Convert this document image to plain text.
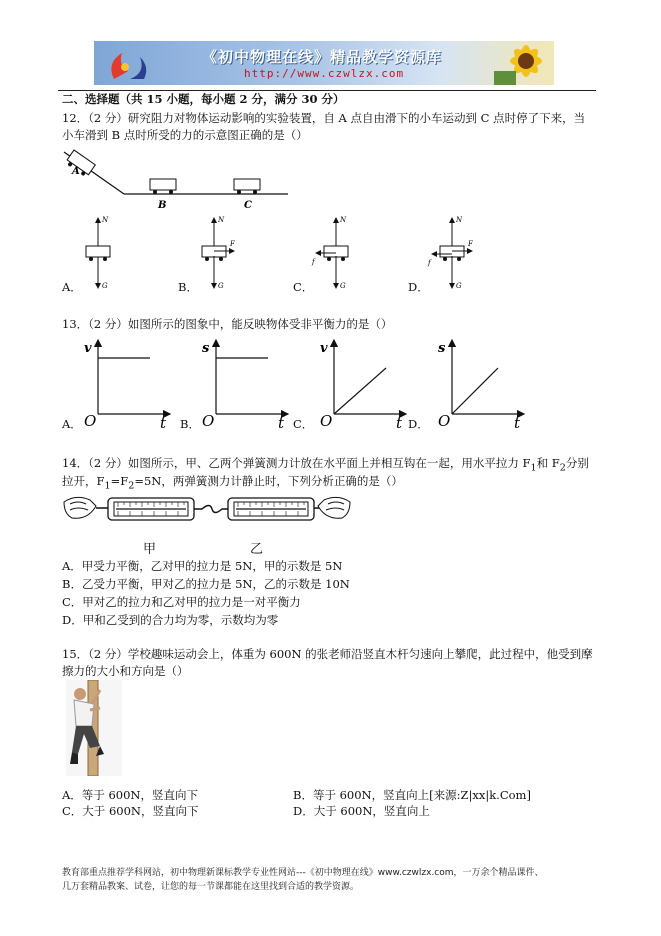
《初中物理在线》精品教学资源库
http://www.czwlzx.com
二、选择题（共 15 小题，每小题 2 分，满分 30 分）
12．（2 分）研究阻力对物体运动影响的实验装置，自 A 点自由滑下的小车运动到 C 点时停了下来，当
小车滑到 B 点时所受的力的示意图正确的是（）
A
B	C
N
G
N
F
G
N
f
G
N
F
f
G
A．	B．	C．	D．
13．（2 分）如图所示的图象中，能反映物体受非平衡力的是（）
v
O	t
s
O	t
v
O	t
s
O	t
A．	B．	C．	D．
14．（2 分）如图所示，甲、乙两个弹簧测力计放在水平面上并相互钩在一起，用水平拉力 $F_1$和 $F_2$分别
拉开，$F_1=F_2=5N$，两弹簧测力计静止时，下列分析正确的是（）
甲	乙
A．甲受力平衡，乙对甲的拉力是 5N，甲的示数是 5N
B．乙受力平衡，甲对乙的拉力是 5N，乙的示数是 10N
C．甲对乙的拉力和乙对甲的拉力是一对平衡力
D．甲和乙受到的合力均为零，示数均为零
15．（2 分）学校趣味运动会上，体重为 600N 的张老师沿竖直木杆匀速向上攀爬，此过程中，他受到摩
擦力的大小和方向是（）
A．等于 600N，竖直向下	B．等于 600N，竖直向上[来源:Z|xx|k.Com]
C．大于 600N，竖直向下	D．大于 600N，竖直向上
教育部重点推荐学科网站，初中物理新课标教学专业性网站---《初中物理在线》www.czwlzx.com，一万余个精品课件、
几万套精品教案、试卷，让您的每一节课都能在这里找到合适的教学资源。
